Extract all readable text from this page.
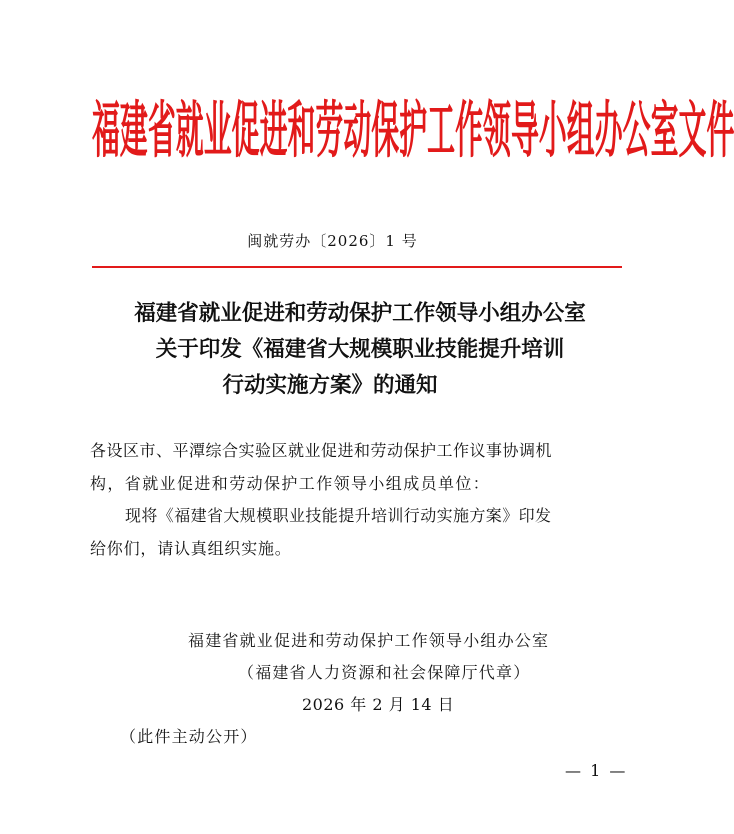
福建省就业促进和劳动保护工作领导小组办公室文件
闽就劳办〔2026〕1 号
福建省就业促进和劳动保护工作领导小组办公室
关于印发《福建省大规模职业技能提升培训
行动实施方案》的通知
各设区市、平潭综合实验区就业促进和劳动保护工作议事协调机
构，省就业促进和劳动保护工作领导小组成员单位：
现将《福建省大规模职业技能提升培训行动实施方案》印发
给你们，请认真组织实施。
福建省就业促进和劳动保护工作领导小组办公室
（福建省人力资源和社会保障厅代章）
2026 年 2 月 14 日
（此件主动公开）
— 1 —
